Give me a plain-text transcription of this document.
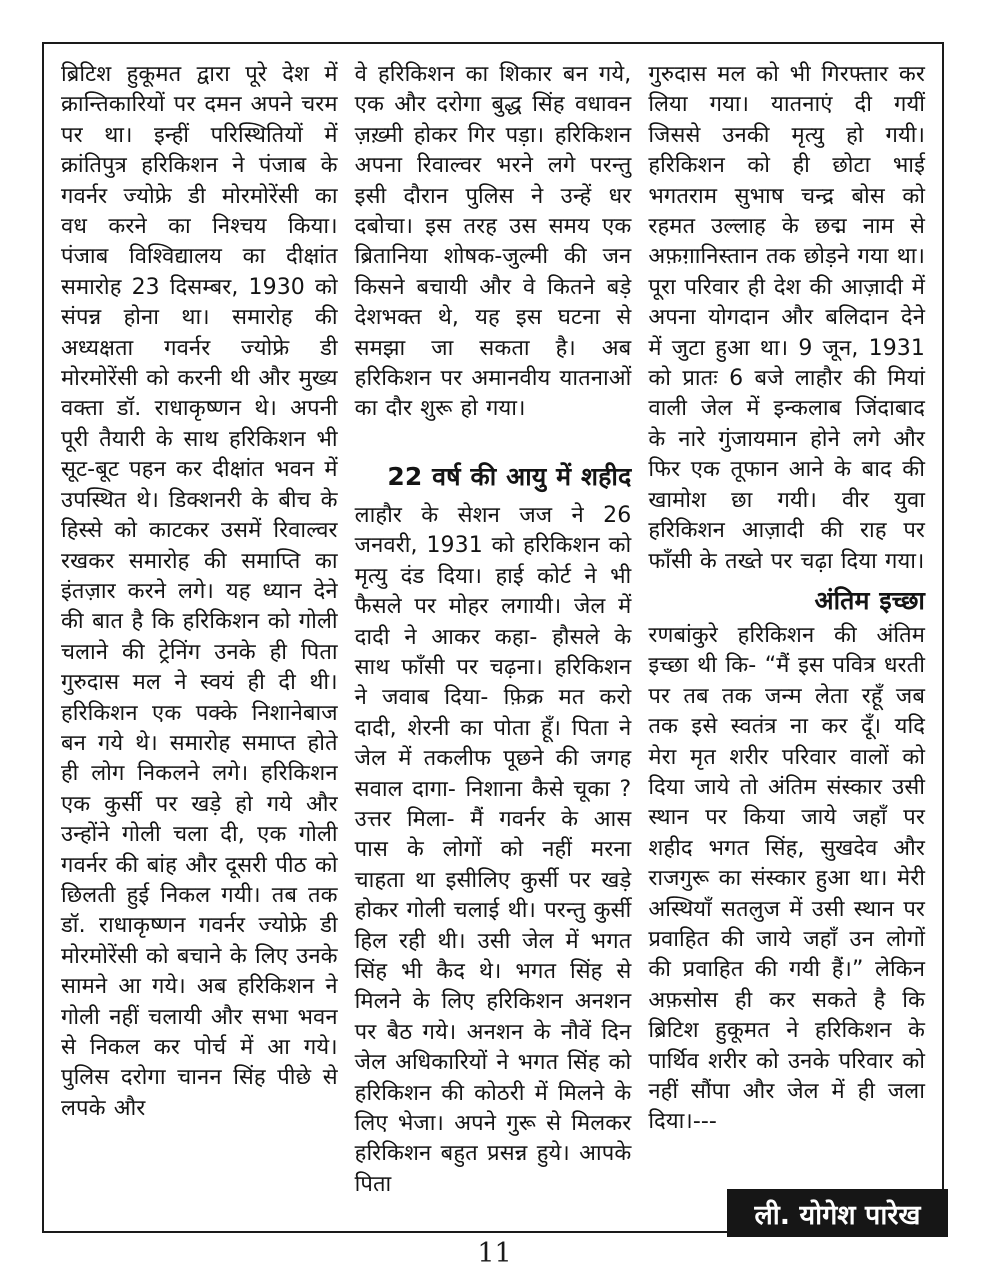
ब्रिटिश हुकूमत द्वारा पूरे देश में क्रान्तिकारियों पर दमन अपने चरम पर था। इन्हीं परिस्थितियों में क्रांतिपुत्र हरिकिशन ने पंजाब के गवर्नर ज्योफ्रे डी मोरमोरेंसी का वध करने का निश्चय किया। पंजाब विश्विद्यालय का दीक्षांत समारोह 23 दिसम्बर, 1930 को संपन्न होना था। समारोह की अध्यक्षता गवर्नर ज्योफ्रे डी मोरमोरेंसी को करनी थी और मुख्य वक्ता डॉ. राधाकृष्णन थे। अपनी पूरी तैयारी के साथ हरिकिशन भी सूट-बूट पहन कर दीक्षांत भवन में उपस्थित थे। डिक्शनरी के बीच के हिस्से को काटकर उसमें रिवाल्वर रखकर समारोह की समाप्ति का इंतज़ार करने लगे। यह ध्यान देने की बात है कि हरिकिशन को गोली चलाने की ट्रेनिंग उनके ही पिता गुरुदास मल ने स्वयं ही दी थी। हरिकिशन एक पक्के निशानेबाज बन गये थे। समारोह समाप्त होते ही लोग निकलने लगे। हरिकिशन एक कुर्सी पर खड़े हो गये और उन्होंने गोली चला दी, एक गोली गवर्नर की बांह और दूसरी पीठ को छिलती हुई निकल गयी। तब तक डॉ. राधाकृष्णन गवर्नर ज्योफ्रे डी मोरमोरेंसी को बचाने के लिए उनके सामने आ गये। अब हरिकिशन ने गोली नहीं चलायी और सभा भवन से निकल कर पोर्च में आ गये। पुलिस दरोगा चानन सिंह पीछे से लपके और

वे हरिकिशन का शिकार बन गये, एक और दरोगा बुद्ध सिंह वधावन ज़ख़्मी होकर गिर पड़ा। हरिकिशन अपना रिवाल्वर भरने लगे परन्तु इसी दौरान पुलिस ने उन्हें धर दबोचा। इस तरह उस समय एक ब्रितानिया शोषक-जुल्मी की जन किसने बचायी और वे कितने बड़े देशभक्त थे, यह इस घटना से समझा जा सकता है। अब हरिकिशन पर अमानवीय यातनाओं का दौर शुरू हो गया।

22 वर्ष की आयु में शहीद

लाहौर के सेशन जज ने 26 जनवरी, 1931 को हरिकिशन को मृत्यु दंड दिया। हाई कोर्ट ने भी फैसले पर मोहर लगायी। जेल में दादी ने आकर कहा- हौसले के साथ फाँसी पर चढ़ना। हरिकिशन ने जवाब दिया- फ़िक्र मत करो दादी, शेरनी का पोता हूँ। पिता ने जेल में तकलीफ पूछने की जगह सवाल दागा- निशाना कैसे चूका ? उत्तर मिला- मैं गवर्नर के आस पास के लोगों को नहीं मरना चाहता था इसीलिए कुर्सी पर खड़े होकर गोली चलाई थी। परन्तु कुर्सी हिल रही थी। उसी जेल में भगत सिंह भी कैद थे। भगत सिंह से मिलने के लिए हरिकिशन अनशन पर बैठ गये। अनशन के नौवें दिन जेल अधिकारियों ने भगत सिंह को हरिकिशन की कोठरी में मिलने के लिए भेजा। अपने गुरू से मिलकर हरिकिशन बहुत प्रसन्न हुये। आपके पिता

गुरुदास मल को भी गिरफ्तार कर लिया गया। यातनाएं दी गयीं जिससे उनकी मृत्यु हो गयी। हरिकिशन को ही छोटा भाई भगतराम सुभाष चन्द्र बोस को रहमत उल्लाह के छद्म नाम से अफ़ग़ानिस्तान तक छोड़ने गया था। पूरा परिवार ही देश की आज़ादी में अपना योगदान और बलिदान देने में जुटा हुआ था। 9 जून, 1931 को प्रातः 6 बजे लाहौर की मियां वाली जेल में इन्कलाब जिंदाबाद के नारे गुंजायमान होने लगे और फिर एक तूफान आने के बाद की खामोश छा गयी। वीर युवा हरिकिशन आज़ादी की राह पर फाँसी के तख्ते पर चढ़ा दिया गया।

अंतिम इच्छा

रणबांकुरे हरिकिशन की अंतिम इच्छा थी कि- “मैं इस पवित्र धरती पर तब तक जन्म लेता रहूँ जब तक इसे स्वतंत्र ना कर दूँ। यदि मेरा मृत शरीर परिवार वालों को दिया जाये तो अंतिम संस्कार उसी स्थान पर किया जाये जहाँ पर शहीद भगत सिंह, सुखदेव और राजगुरू का संस्कार हुआ था। मेरी अस्थियाँ सतलुज में उसी स्थान पर प्रवाहित की जाये जहाँ उन लोगों की प्रवाहित की गयी हैं।” लेकिन अफ़सोस ही कर सकते है कि ब्रिटिश हुकूमत ने हरिकिशन के पार्थिव शरीर को उनके परिवार को नहीं सौंपा और जेल में ही जला दिया।---

ली. योगेश पारेख
11
